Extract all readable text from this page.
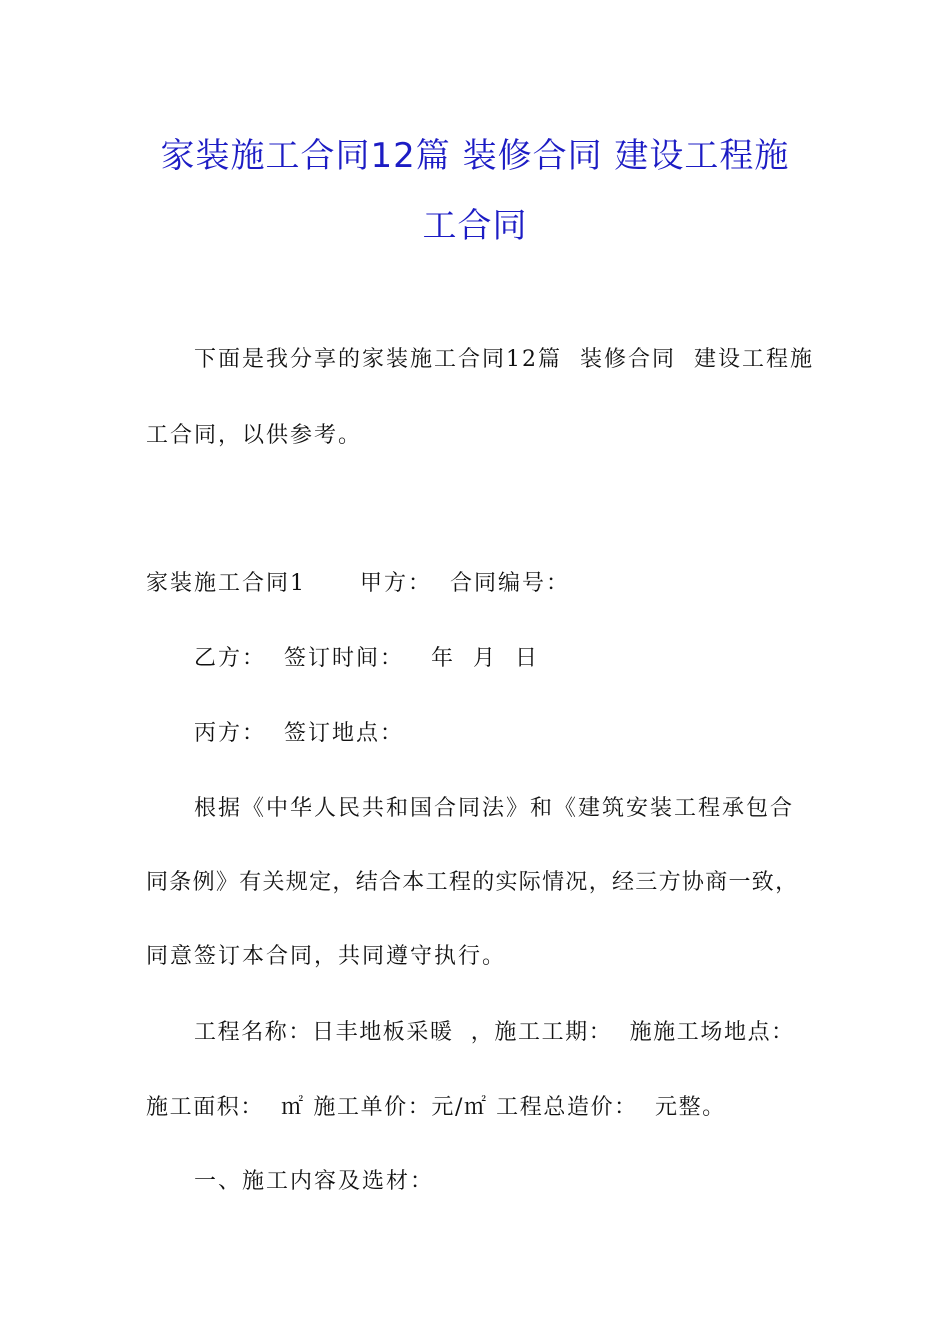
家装施工合同12篇 装修合同 建设工程施
工合同
下面是我分享的家装施工合同12篇  装修合同  建设工程施
工合同，以供参考。
家装施工合同1      甲方：  合同编号：
乙方：  签订时间：   年  月  日
丙方：  签订地点：
根据《中华人民共和国合同法》和《建筑安装工程承包合
同条例》有关规定，结合本工程的实际情况，经三方协商一致，
同意签订本合同，共同遵守执行。
工程名称：日丰地板采暖  ，施工工期：  施施工场地点：
施工面积：  ㎡ 施工单价：元/㎡ 工程总造价：  元整。
一、施工内容及选材：
